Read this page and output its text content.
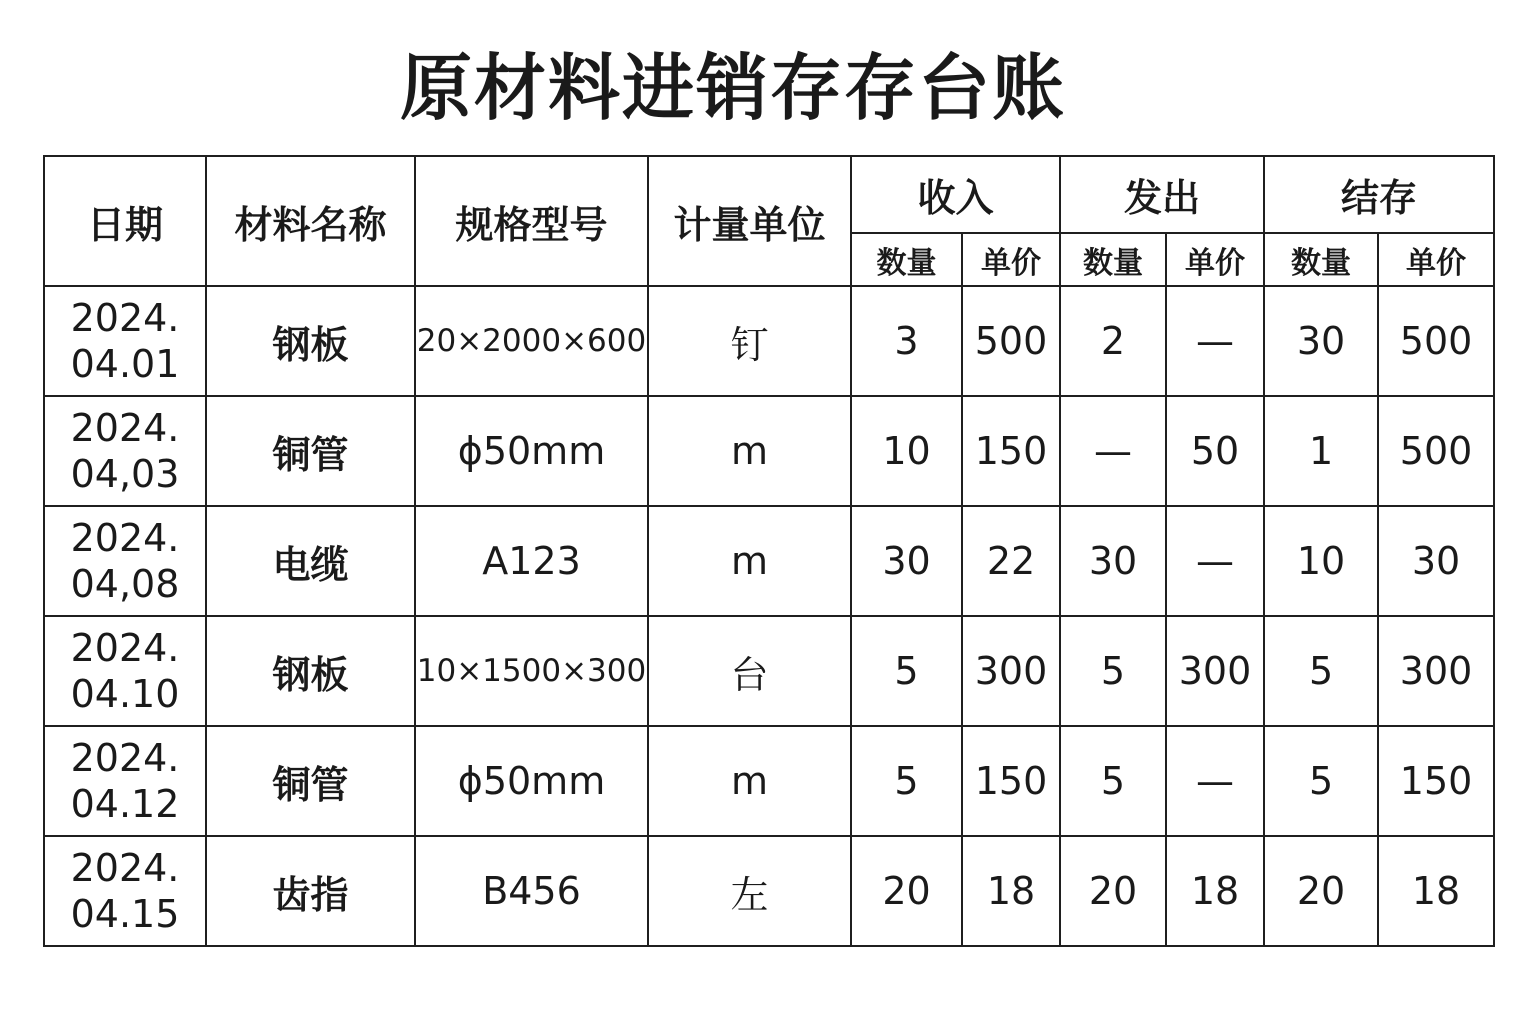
原材料进销存存台账
日期	材料名称	规格型号	计量单位	收入		发出		结存	
				数量	单价	数量	单价	数量	单价

2024.
04.01	钢板	20×2000×600	钉	3	500	2	—	30	500

2024.
04,03	铜管	ϕ50mm	m	10	150	—	50	1	500

2024.
04,08	电缆	A123	m	30	22	30	—	10	30

2024.
04.10	钢板	10×1500×300	台	5	300	5	300	5	300

2024.
04.12	铜管	ϕ50mm	m	5	150	5	—	5	150

2024.
04.15	齿指	B456	左	20	18	20	18	20	18
